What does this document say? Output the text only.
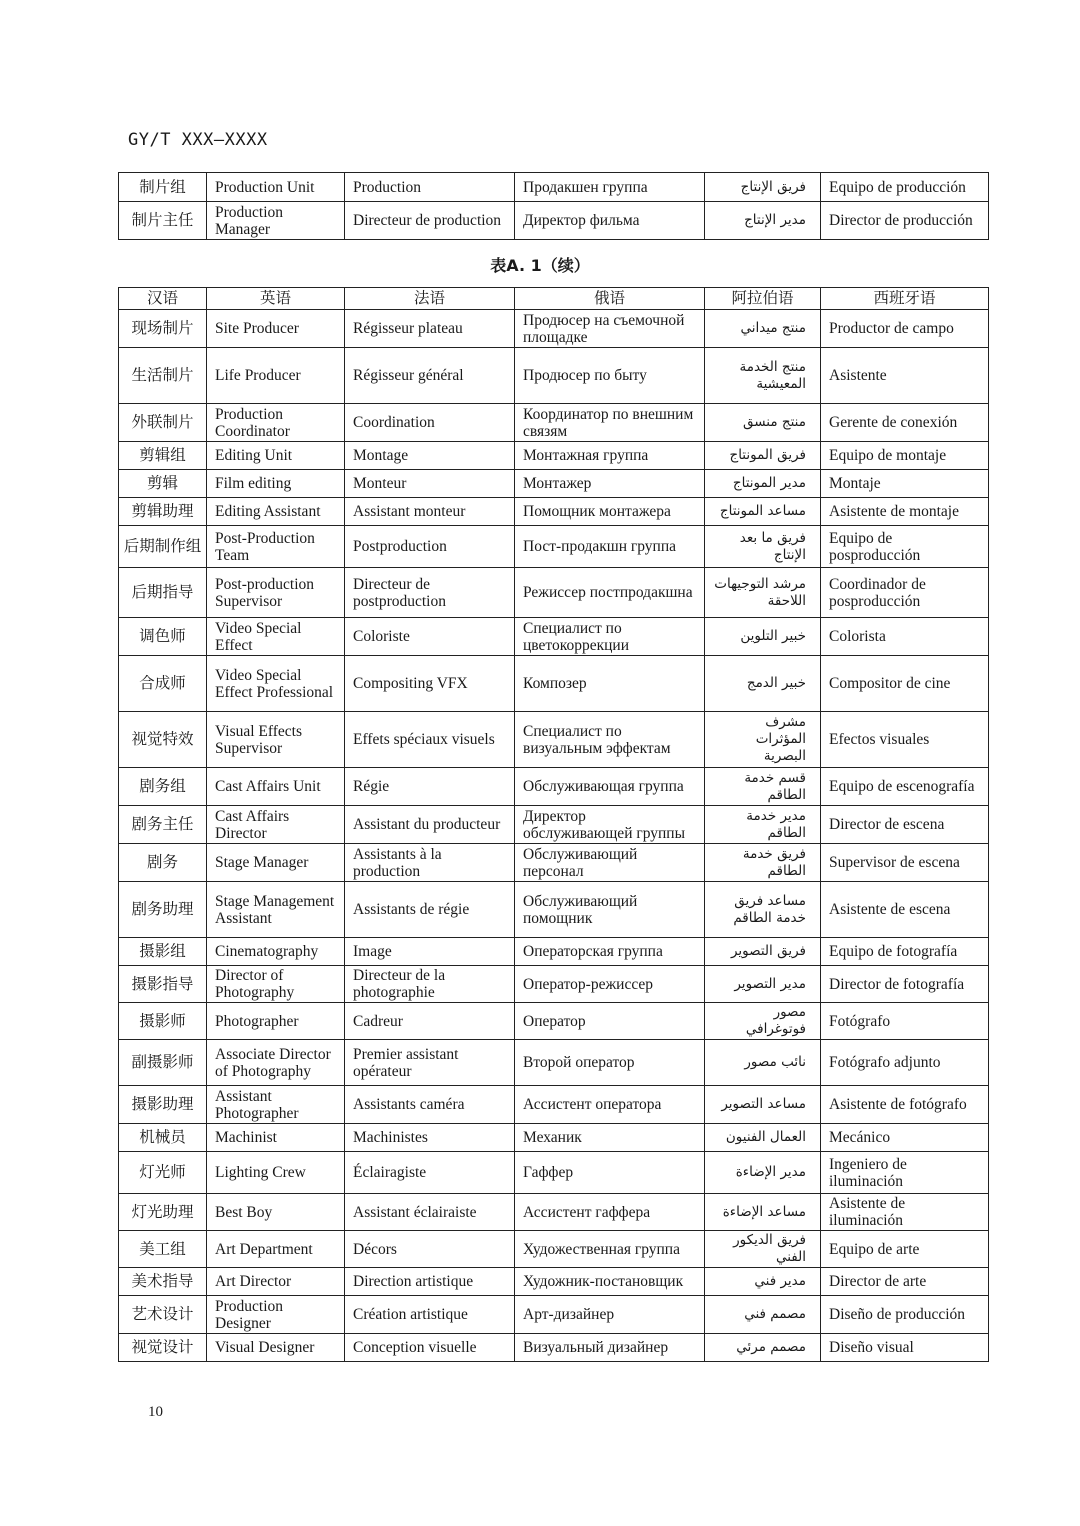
GY/T XXX—XXXX
制片组	Production Unit	Production	Продакшен группа	فريق الإنتاج	Equipo de producción
制片主任	Production Manager	Directeur de production	Директор фильма	مدير الإنتاج	Director de producción
表A. 1（续）
汉语	英语	法语	俄语	阿拉伯语	西班牙语
现场制片	Site Producer	Régisseur plateau	Продюсер на съемочной площадке	منتج ميداني	Productor de campo
生活制片	Life Producer	Régisseur général	Продюсер по быту	منتج الخدمة المعيشية	Asistente
外联制片	Production Coordinator	Coordination	Координатор по внешним связям	منتج منسق	Gerente de conexión
剪辑组	Editing Unit	Montage	Монтажная группа	فريق المونتاج	Equipo de montaje
剪辑	Film editing	Monteur	Монтажер	مدير المونتاج	Montaje
剪辑助理	Editing Assistant	Assistant monteur	Помощник монтажера	مساعد المونتاج	Asistente de montaje
后期制作组	Post-Production Team	Postproduction	Пост-продакшн группа	فريق ما بعد الإنتاج	Equipo de posproducción
后期指导	Post-production Supervisor	Directeur de postproduction	Режиссер постпродакшна	مرشد التوجيهات اللاحقة	Coordinador de posproducción
调色师	Video Special Effect	Coloriste	Специалист по цветокоррекции	خبير التلوين	Colorista
合成师	Video Special Effect Professional	Compositing VFX	Композер	خبير الدمج	Compositor de cine
视觉特效	Visual Effects Supervisor	Effets spéciaux visuels	Специалист по визуальным эффектам	مشرف المؤثرات البصرية	Efectos visuales
剧务组	Cast Affairs Unit	Régie	Обслуживающая группа	قسم خدمة الطاقم	Equipo de escenografía
剧务主任	Cast Affairs Director	Assistant du producteur	Директор обслуживающей группы	مدير خدمة الطاقم	Director de escena
剧务	Stage Manager	Assistants à la production	Обслуживающий персонал	فريق خدمة الطاقم	Supervisor de escena
剧务助理	Stage Management Assistant	Assistants de régie	Обслуживающий помощник	مساعد فريق خدمة الطاقم	Asistente de escena
摄影组	Cinematography	Image	Операторская группа	فريق التصوير	Equipo de fotografía
摄影指导	Director of Photography	Directeur de la photographie	Оператор-режиссер	مدير التصوير	Director de fotografía
摄影师	Photographer	Cadreur	Оператор	مصور فوتوغرافي	Fotógrafo
副摄影师	Associate Director of Photography	Premier assistant opérateur	Второй оператор	نائب مصور	Fotógrafo adjunto
摄影助理	Assistant Photographer	Assistants caméra	Ассистент оператора	مساعد التصوير	Asistente de fotógrafo
机械员	Machinist	Machinistes	Механик	العمال الفنيون	Mecánico
灯光师	Lighting Crew	Éclairagiste	Гаффер	مدير الإضاءة	Ingeniero de iluminación
灯光助理	Best Boy	Assistant éclairaiste	Ассистент гаффера	مساعد الإضاءة	Asistente de iluminación
美工组	Art Department	Décors	Художественная группа	فريق الديكور الفني	Equipo de arte
美术指导	Art Director	Direction artistique	Художник-постановщик	مدير فني	Director de arte
艺术设计	Production Designer	Création artistique	Арт-дизайнер	مصمم فني	Diseño de producción
视觉设计	Visual Designer	Conception visuelle	Визуальный дизайнер	مصمم مرئي	Diseño visual
10
